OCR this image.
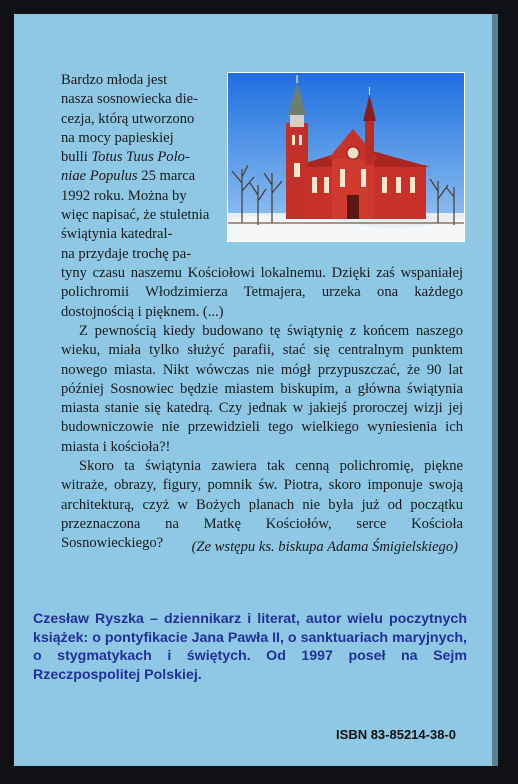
Bardzo młoda jest
nasza sosnowiecka die-
cezja, którą utworzono
na mocy papieskiej
bulli Totus Tuus Polo-
niae Populus 25 marca
1992 roku. Można by
więc napisać, że stuletnia
świątynia katedral-
na przydaje trochę pa-

tyny czasu naszemu Kościołowi lokalnemu. Dzięki zaś wspaniałej polichromii Włodzimierza Tetmajera, urzeka ona każdego dostojnością i pięknem. (...)

Z pewnością kiedy budowano tę świątynię z końcem naszego wieku, miała tylko służyć parafii, stać się centralnym punktem nowego miasta. Nikt wówczas nie mógł przypuszczać, że 90 lat później Sosnowiec będzie miastem biskupim, a główna świątynia miasta stanie się katedrą. Czy jednak w jakiejś proroczej wizji jej budowniczowie nie przewidzieli tego wielkiego wyniesienia ich miasta i kościoła?!

Skoro ta świątynia zawiera tak cenną polichromię, piękne witraże, obrazy, figury, pomnik św. Piotra, skoro imponuje swoją architekturą, czyż w Bożych planach nie była już od początku przeznaczona na Matkę Kościołów, serce Kościoła Sosnowieckiego?	(Ze wstępu ks. biskupa Adama Śmigielskiego)

Czesław Ryszka – dziennikarz i literat, autor wielu poczytnych książek: o pontyfikacie Jana Pawła II, o sanktuariach maryjnych, o stygmatykach i świętych. Od 1997 poseł na Sejm Rzeczpospolitej Polskiej.

ISBN 83-85214-38-0
